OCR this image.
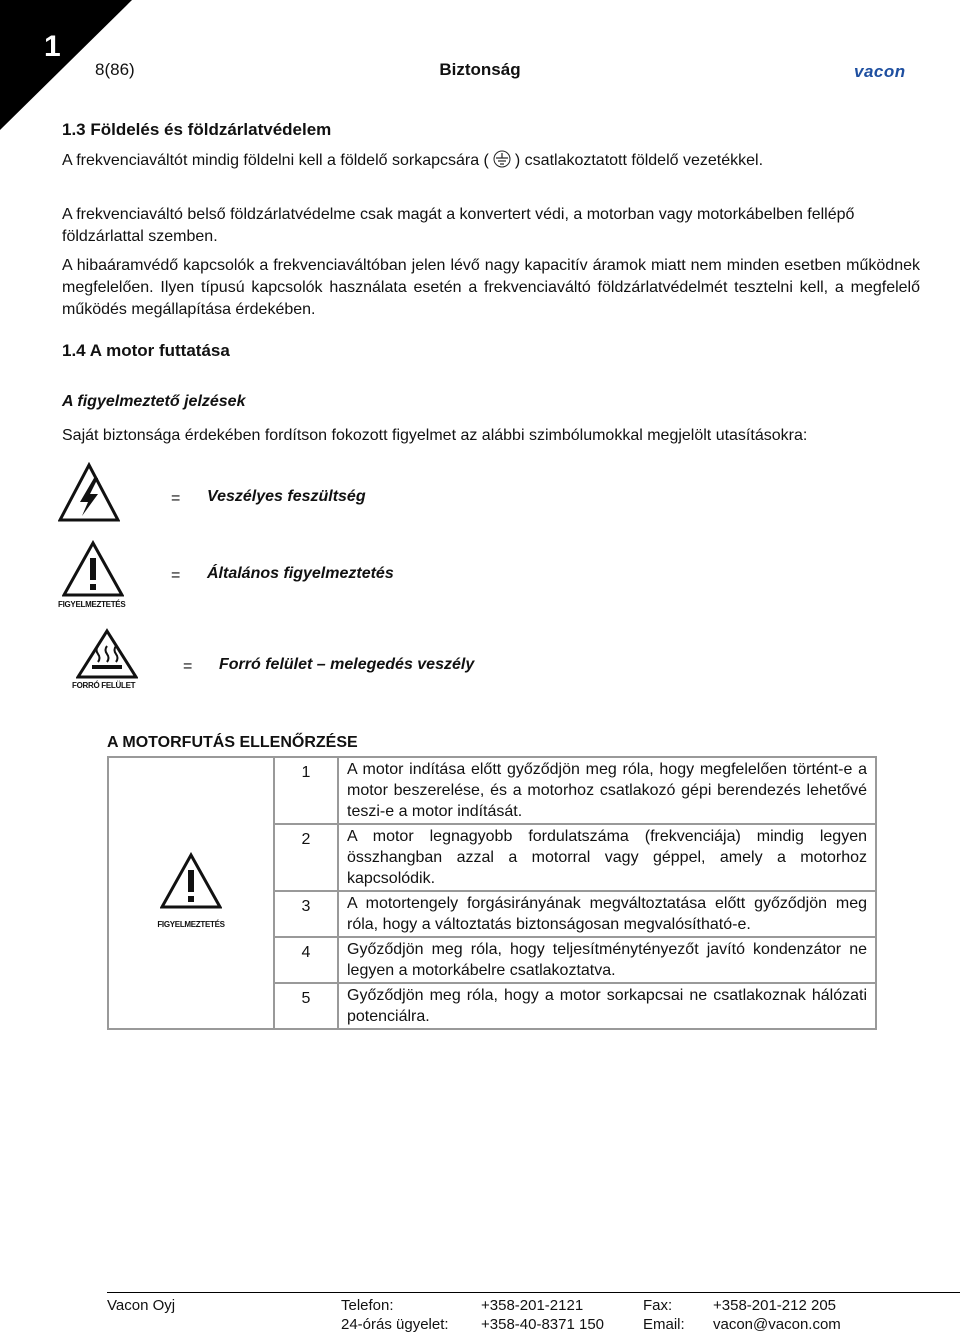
1
8(86)	Biztonság	vacon
1.3 Földelés és földzárlatvédelem
A frekvenciaváltót mindig földelni kell a földelő sorkapcsára ( ) csatlakoztatott földelő vezetékkel.
A frekvenciaváltó belső földzárlatvédelme csak magát a konvertert védi, a motorban vagy motorkábelben fellépő földzárlattal szemben.
A hibaáramvédő kapcsolók a frekvenciaváltóban jelen lévő nagy kapacitív áramok miatt nem minden esetben működnek megfelelően. Ilyen típusú kapcsolók használata esetén a frekvenciaváltó földzárlatvédelmét tesztelni kell, a megfelelő működés megállapítása érdekében.
1.4 A motor futtatása
A figyelmeztető jelzések
Saját biztonsága érdekében fordítson fokozott figyelmet az alábbi szimbólumokkal megjelölt utasításokra:
= Veszélyes feszültség
FIGYELMEZTETÉS
= Általános figyelmeztetés
FORRÓ FELÜLET
= Forró felület – melegedés veszély
A MOTORFUTÁS ELLENŐRZÉSE
FIGYELMEZTETÉS	1	A motor indítása előtt győződjön meg róla, hogy megfelelően történt-e a motor beszerelése, és a motorhoz csatlakozó gépi berendezés lehetővé teszi-e a motor indítását.
	2	A motor legnagyobb fordulatszáma (frekvenciája) mindig legyen összhangban azzal a motorral vagy géppel, amely a motorhoz kapcsolódik.
	3	A motortengely forgásirányának megváltoztatása előtt győződjön meg róla, hogy a változtatás biztonságosan megvalósítható-e.
	4	Győződjön meg róla, hogy teljesítménytényezőt javító kondenzátor ne legyen a motorkábelre csatlakoztatva.
	5	Győződjön meg róla, hogy a motor sorkapcsai ne csatlakoznak hálózati potenciálra.
Vacon Oyj	Telefon:	+358-201-2121	Fax:	+358-201-212 205
24-órás ügyelet: +358-40-8371 150	Email: vacon@vacon.com
